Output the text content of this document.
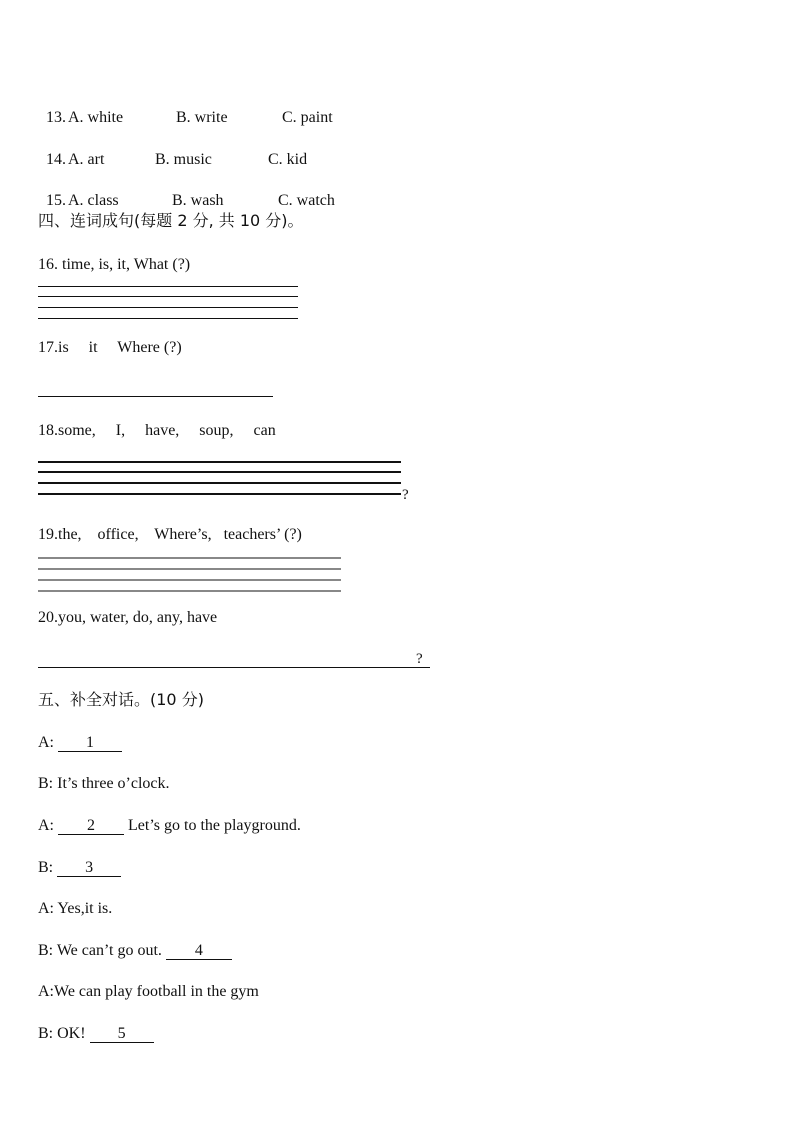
13. A. white	B. write	C. paint

14. A. art	B. music	C. kid

15. A. class	B. wash	C. watch

四、连词成句(每题 2 分, 共 10 分)。
16. time, is, it, What (?)
17.is     it     Where (?)
18.some,     I,     have,     soup,     can
?
19.the,    office,    Where’s,   teachers’ (?)
20.you, water, do, any, have
?
五、补全对话。(10 分)
A: 1
B: It’s three o’clock.
A: 2 Let’s go to the playground.
B: 3
A: Yes,it is.
B: We can’t go out. 4
A:We can play football in the gym
B: OK! 5
